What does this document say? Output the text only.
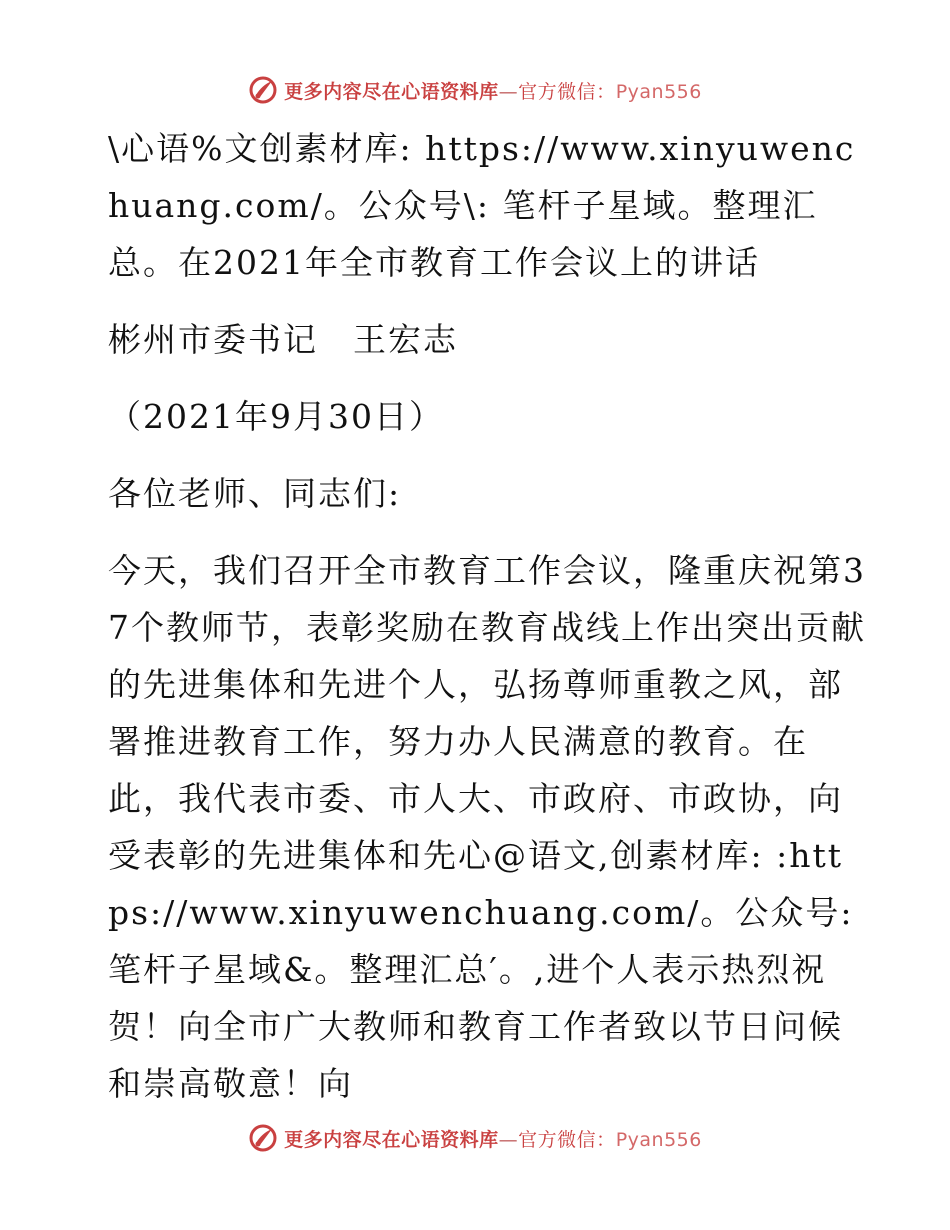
更多内容尽在心语资料库—官方微信：Pyan556

\心语%文创素材库: https://www.xinyuwenchuang.com/。公众号\: 笔杆子星域。整理汇总。在2021年全市教育工作会议上的讲话

彬州市委书记　王宏志

（2021年9月30日）

各位老师、同志们:

今天，我们召开全市教育工作会议，隆重庆祝第37个教师节，表彰奖励在教育战线上作出突出贡献的先进集体和先进个人，弘扬尊师重教之风，部署推进教育工作，努力办人民满意的教育。在此，我代表市委、市人大、市政府、市政协，向受表彰的先进集体和先心@语文,创素材库: :https://www.xinyuwenchuang.com/。公众号: 笔杆子星域&。整理汇总′。,进个人表示热烈祝贺！向全市广大教师和教育工作者致以节日问候和崇高敬意！向

更多内容尽在心语资料库—官方微信：Pyan556
